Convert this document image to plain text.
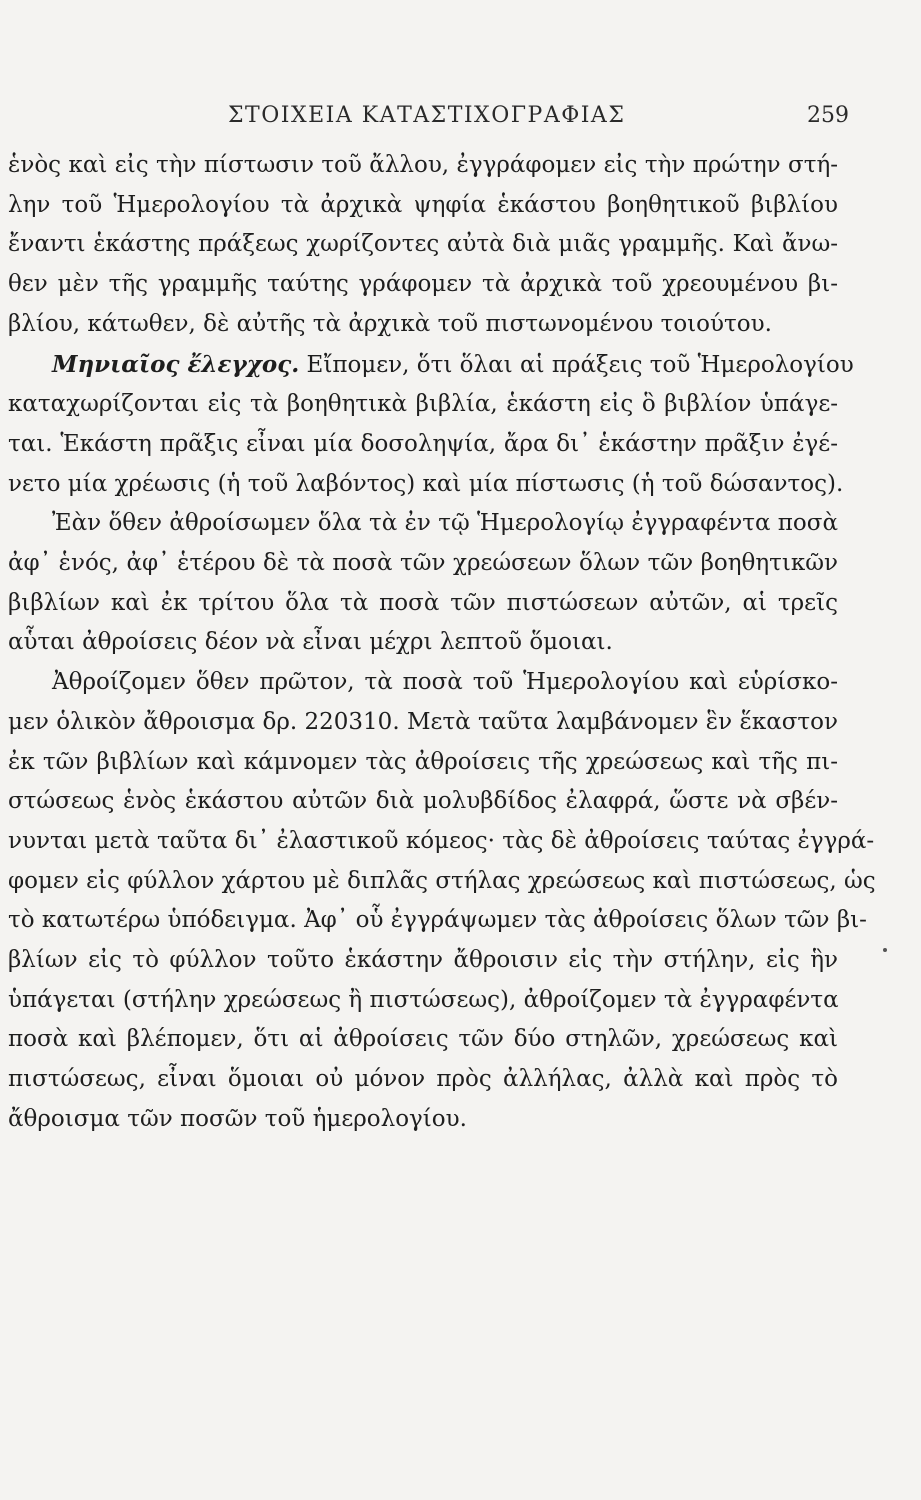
ΣΤΟΙΧΕΙΑ ΚΑΤΑΣΤΙΧΟΓΡΑΦΙΑΣ	259
ἑνὸς καὶ εἰς τὴν πίστωσιν τοῦ ἄλλου, ἐγγράφομεν εἰς τὴν πρώτην στή-
λην τοῦ Ἡμερολογίου τὰ ἀρχικὰ ψηφία ἑκάστου βοηθητικοῦ βιβλίου
ἔναντι ἑκάστης πράξεως χωρίζοντες αὐτὰ διὰ μιᾶς γραμμῆς. Καὶ ἄνω-
θεν μὲν τῆς γραμμῆς ταύτης γράφομεν τὰ ἀρχικὰ τοῦ χρεουμένου βι-
βλίου, κάτωθεν, δὲ αὐτῆς τὰ ἀρχικὰ τοῦ πιστωνομένου τοιούτου.
Μηνιαῖος ἔλεγχος. Εἴπομεν, ὅτι ὅλαι αἱ πράξεις τοῦ Ἡμερολογίου
καταχωρίζονται εἰς τὰ βοηθητικὰ βιβλία, ἑκάστη εἰς ὃ βιβλίον ὑπάγε-
ται. Ἑκάστη πρᾶξις εἶναι μία δοσοληψία, ἄρα δι᾿ ἑκάστην πρᾶξιν ἐγέ-
νετο μία χρέωσις (ἡ τοῦ λαβόντος) καὶ μία πίστωσις (ἡ τοῦ δώσαντος).
Ἐὰν ὅθεν ἀθροίσωμεν ὅλα τὰ ἐν τῷ Ἡμερολογίῳ ἐγγραφέντα ποσὰ
ἀφ᾿ ἑνός, ἀφ᾿ ἑτέρου δὲ τὰ ποσὰ τῶν χρεώσεων ὅλων τῶν βοηθητικῶν
βιβλίων καὶ ἐκ τρίτου ὅλα τὰ ποσὰ τῶν πιστώσεων αὐτῶν, αἱ τρεῖς
αὗται ἀθροίσεις δέον νὰ εἶναι μέχρι λεπτοῦ ὅμοιαι.
Ἀθροίζομεν ὅθεν πρῶτον, τὰ ποσὰ τοῦ Ἡμερολογίου καὶ εὑρίσκο-
μεν ὁλικὸν ἄθροισμα δρ. 220310. Μετὰ ταῦτα λαμβάνομεν ἓν ἕκαστον
ἐκ τῶν βιβλίων καὶ κάμνομεν τὰς ἀθροίσεις τῆς χρεώσεως καὶ τῆς πι-
στώσεως ἑνὸς ἑκάστου αὐτῶν διὰ μολυβδίδος ἐλαφρά, ὥστε νὰ σβέν-
νυνται μετὰ ταῦτα δι᾿ ἐλαστικοῦ κόμεος· τὰς δὲ ἀθροίσεις ταύτας ἐγγρά-
φομεν εἰς φύλλον χάρτου μὲ διπλᾶς στήλας χρεώσεως καὶ πιστώσεως, ὡς
τὸ κατωτέρω ὑπόδειγμα. Ἀφ᾿ οὗ ἐγγράψωμεν τὰς ἀθροίσεις ὅλων τῶν βι-
βλίων εἰς τὸ φύλλον τοῦτο ἑκάστην ἄθροισιν εἰς τὴν στήλην, εἰς ἣν
ὑπάγεται (στήλην χρεώσεως ἢ πιστώσεως), ἀθροίζομεν τὰ ἐγγραφέντα
ποσὰ καὶ βλέπομεν, ὅτι αἱ ἀθροίσεις τῶν δύο στηλῶν, χρεώσεως καὶ
πιστώσεως, εἶναι ὅμοιαι οὐ μόνον πρὸς ἀλλήλας, ἀλλὰ καὶ πρὸς τὸ
ἄθροισμα τῶν ποσῶν τοῦ ἡμερολογίου.
